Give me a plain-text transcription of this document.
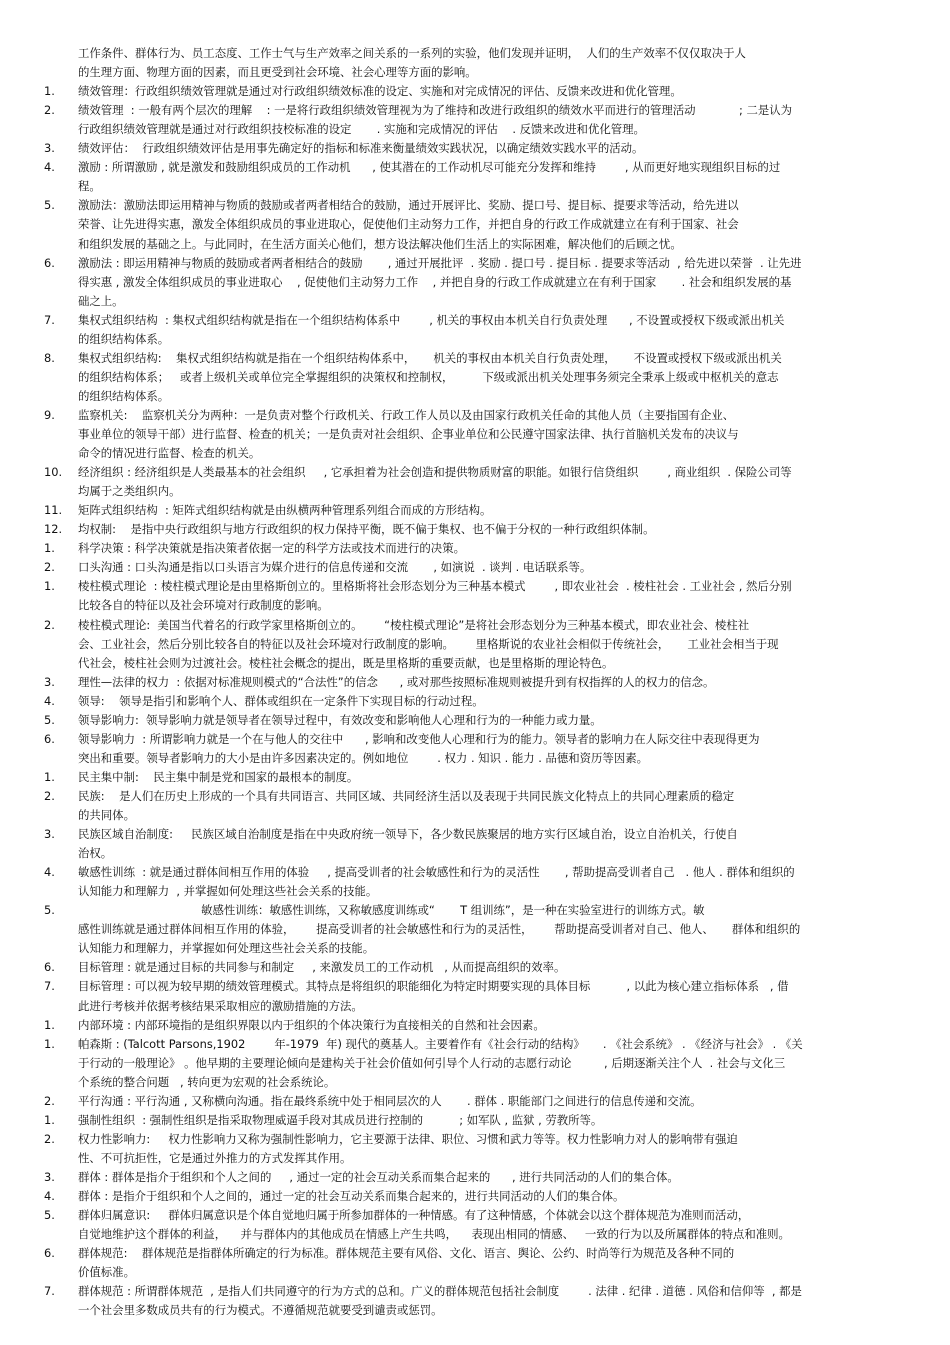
工作条件、群体行为、员工态度、工作士气与生产效率之间关系的一系列的实验，他们发现并证明，  人们的生产效率不仅仅取决于人
的生理方面、物理方面的因素，而且更受到社会环境、社会心理等方面的影响。
1. 绩效管理：行政组织绩效管理就是通过对行政组织绩效标准的设定、实施和对完成情况的评估、反馈来改进和优化管理。
2. 绩效管理  : 一般有两个层次的理解    : 一是将行政组织绩效管理视为为了维持和改进行政组织的绩效水平而进行的管理活动            ; 二是认为
行政组织绩效管理就是通过对行政组织技校标准的设定       . 实施和完成情况的评估    . 反馈来改进和优化管理。
3. 绩效评估：  行政组织绩效评估是用事先确定好的指标和标准来衡量绩效实践状况，以确定绩效实践水平的活动。
4. 激励 : 所谓激励 , 就是激发和鼓励组织成员的工作动机      , 使其潜在的工作动机尽可能充分发挥和维持        , 从而更好地实现组织目标的过
程。
5. 激励法：激励法即运用精神与物质的鼓励或者两者相结合的鼓励，通过开展评比、奖励、提口号、提目标、提要求等活动，给先进以
荣誉、让先进得实惠，激发全体组织成员的事业进取心，促使他们主动努力工作，并把自身的行政工作成就建立在有利于国家、社会
和组织发展的基础之上。与此同时，在生活方面关心他们，想方设法解决他们生活上的实际困难，解决他们的后顾之忧。
6. 激励法 : 即运用精神与物质的鼓励或者两者相结合的鼓励       , 通过开展批评  . 奖励 . 提口号 . 提目标 . 提要求等活动  , 给先进以荣誉  . 让先进
得实惠 , 激发全体组织成员的事业进取心    , 促使他们主动努力工作    , 并把自身的行政工作成就建立在有利于国家       . 社会和组织发展的基
础之上。
7. 集权式组织结构  : 集权式组织结构就是指在一个组织结构体系中        , 机关的事权由本机关自行负责处理      , 不设置或授权下级或派出机关
的组织结构体系。
8. 集权式组织结构:    集权式组织结构就是指在一个组织结构体系中，     机关的事权由本机关自行负责处理，     不设置或授权下级或派出机关
的组织结构体系；   或者上级机关或单位完全掌握组织的决策权和控制权，        下级或派出机关处理事务须完全秉承上级或中枢机关的意志
的组织结构体系。
9. 监察机关:    监察机关分为两种：一是负责对整个行政机关、行政工作人员以及由国家行政机关任命的其他人员（主要指国有企业、
事业单位的领导干部）进行监督、检查的机关；一是负责对社会组织、企事业单位和公民遵守国家法律、执行首脑机关发布的决议与
命令的情况进行监督、检查的机关。
10. 经济组织 : 经济组织是人类最基本的社会组织     , 它承担着为社会创造和提供物质财富的职能。如银行信贷组织        , 商业组织  . 保险公司等
均属于之类组织内。
11. 矩阵式组织结构  : 矩阵式组织结构就是由纵横两种管理系列组合而成的方形结构。
12. 均权制:    是指中央行政组织与地方行政组织的权力保持平衡，既不偏于集权、也不偏于分权的一种行政组织体制。
1. 科学决策 : 科学决策就是指决策者依据一定的科学方法或技术而进行的决策。
2. 口头沟通 : 口头沟通是指以口头语言为媒介进行的信息传递和交流       , 如演说  . 谈判 . 电话联系等。
1. 棱柱模式理论  : 棱柱模式理论是由里格斯创立的。里格斯将社会形态划分为三种基本模式        , 即农业社会  . 棱柱社会 . 工业社会 , 然后分别
比较各自的特征以及社会环境对行政制度的影响。
2. 棱柱模式理论:  美国当代着名的行政学家里格斯创立的。      “棱柱模式理论”是将社会形态划分为三种基本模式，即农业社会、棱柱社
会、工业社会，然后分别比较各自的特征以及社会环境对行政制度的影响。      里格斯说的农业社会相似于传统社会，     工业社会相当于现
代社会，棱柱社会则为过渡社会。棱柱社会概念的提出，既是里格斯的重要贡献，也是里格斯的理论特色。
3. 理性—法律的权力  : 依据对标准规则模式的“合法性”的信念      , 或对那些按照标准规则被提升到有权指挥的人的权力的信念。
4. 领导:    领导是指引和影响个人、群体或组织在一定条件下实现目标的行动过程。
5. 领导影响力:  领导影响力就是领导者在领导过程中，有效改变和影响他人心理和行为的一种能力或力量。
6. 领导影响力  : 所谓影响力就是一个在与他人的交往中      , 影响和改变他人心理和行为的能力。领导者的影响力在人际交往中表现得更为
突出和重要。领导者影响力的大小是由许多因素决定的。例如地位        . 权力 . 知识 . 能力 . 品德和资历等因素。
1. 民主集中制:    民主集中制是党和国家的最根本的制度。
2. 民族:    是人们在历史上形成的一个具有共同语言、共同区域、共同经济生活以及表现于共同民族文化特点上的共同心理素质的稳定
的共同体。
3. 民族区域自治制度:     民族区域自治制度是指在中央政府统一领导下，各少数民族聚居的地方实行区域自治，设立自治机关，行使自
治权。
4. 敏感性训练  : 就是通过群体间相互作用的体验     , 提高受训者的社会敏感性和行为的灵活性       , 帮助提高受训者自己   . 他人 . 群体和组织的
认知能力和理解力  , 并掌握如何处理这些社会关系的技能。
5. 敏感性训练：敏感性训练，又称敏感度训练或“       T 组训练”，是一种在实验室进行的训练方式。敏
感性训练就是通过群体间相互作用的体验，      提高受训者的社会敏感性和行为的灵活性，      帮助提高受训者对自己、他人、     群体和组织的
认知能力和理解力，并掌握如何处理这些社会关系的技能。
6. 目标管理 : 就是通过目标的共同参与和制定     , 来激发员工的工作动机   , 从而提高组织的效率。
7. 目标管理 : 可以视为较早期的绩效管理模式。其特点是将组织的职能细化为特定时期要实现的具体目标          , 以此为核心建立指标体系   , 借
此进行考核并依据考核结果采取相应的激励措施的方法。
1. 内部环境 : 内部环境指的是组织界限以内于组织的个体决策行为直接相关的自然和社会因素。
1. 帕森斯 : (Talcott Parsons,1902        年-1979  年) 现代的奠基人。主要着作有《社会行动的结构》     . 《社会系统》 . 《经济与社会》 . 《关
于行动的一般理论》 。他早期的主要理论倾向是建构关于社会价值如何引导个人行动的志愿行动论         , 后期逐渐关注个人  . 社会与文化三
个系统的整合问题   , 转向更为宏观的社会系统论。
2. 平行沟通 : 平行沟通 , 又称横向沟通。指在最终系统中处于相同层次的人       . 群体 . 职能部门之间进行的信息传递和交流。
1. 强制性组织  : 强制性组织是指采取物理威逼手段对其成员进行控制的          ; 如军队 , 监狱 , 劳教所等。
2. 权力性影响力:     权力性影响力又称为强制性影响力，它主要源于法律、职位、习惯和武力等等。权力性影响力对人的影响带有强迫
性、不可抗拒性，它是通过外推力的方式发挥其作用。
3. 群体 : 群体是指介于组织和个人之间的     , 通过一定的社会互动关系而集合起来的      , 进行共同活动的人们的集合体。
4. 群体 : 是指介于组织和个人之间的，通过一定的社会互动关系而集合起来的，进行共同活动的人们的集合体。
5. 群体归属意识:     群体归属意识是个体自觉地归属于所参加群体的一种情感。有了这种情感，个体就会以这个群体规范为准则而活动，
自觉地维护这个群体的利益，    并与群体内的其他成员在情感上产生共鸣，    表现出相同的情感、   一致的行为以及所属群体的特点和准则。
6. 群体规范:    群体规范是指群体所确定的行为标准。群体规范主要有风俗、文化、语言、舆论、公约、时尚等行为规范及各种不同的
价值标准。
7. 群体规范 : 所谓群体规范  , 是指人们共同遵守的行为方式的总和。广义的群体规范包括社会制度        . 法律 . 纪律 . 道德 . 风俗和信仰等  , 都是
一个社会里多数成员共有的行为模式。不遵循规范就要受到谴责或惩罚。
